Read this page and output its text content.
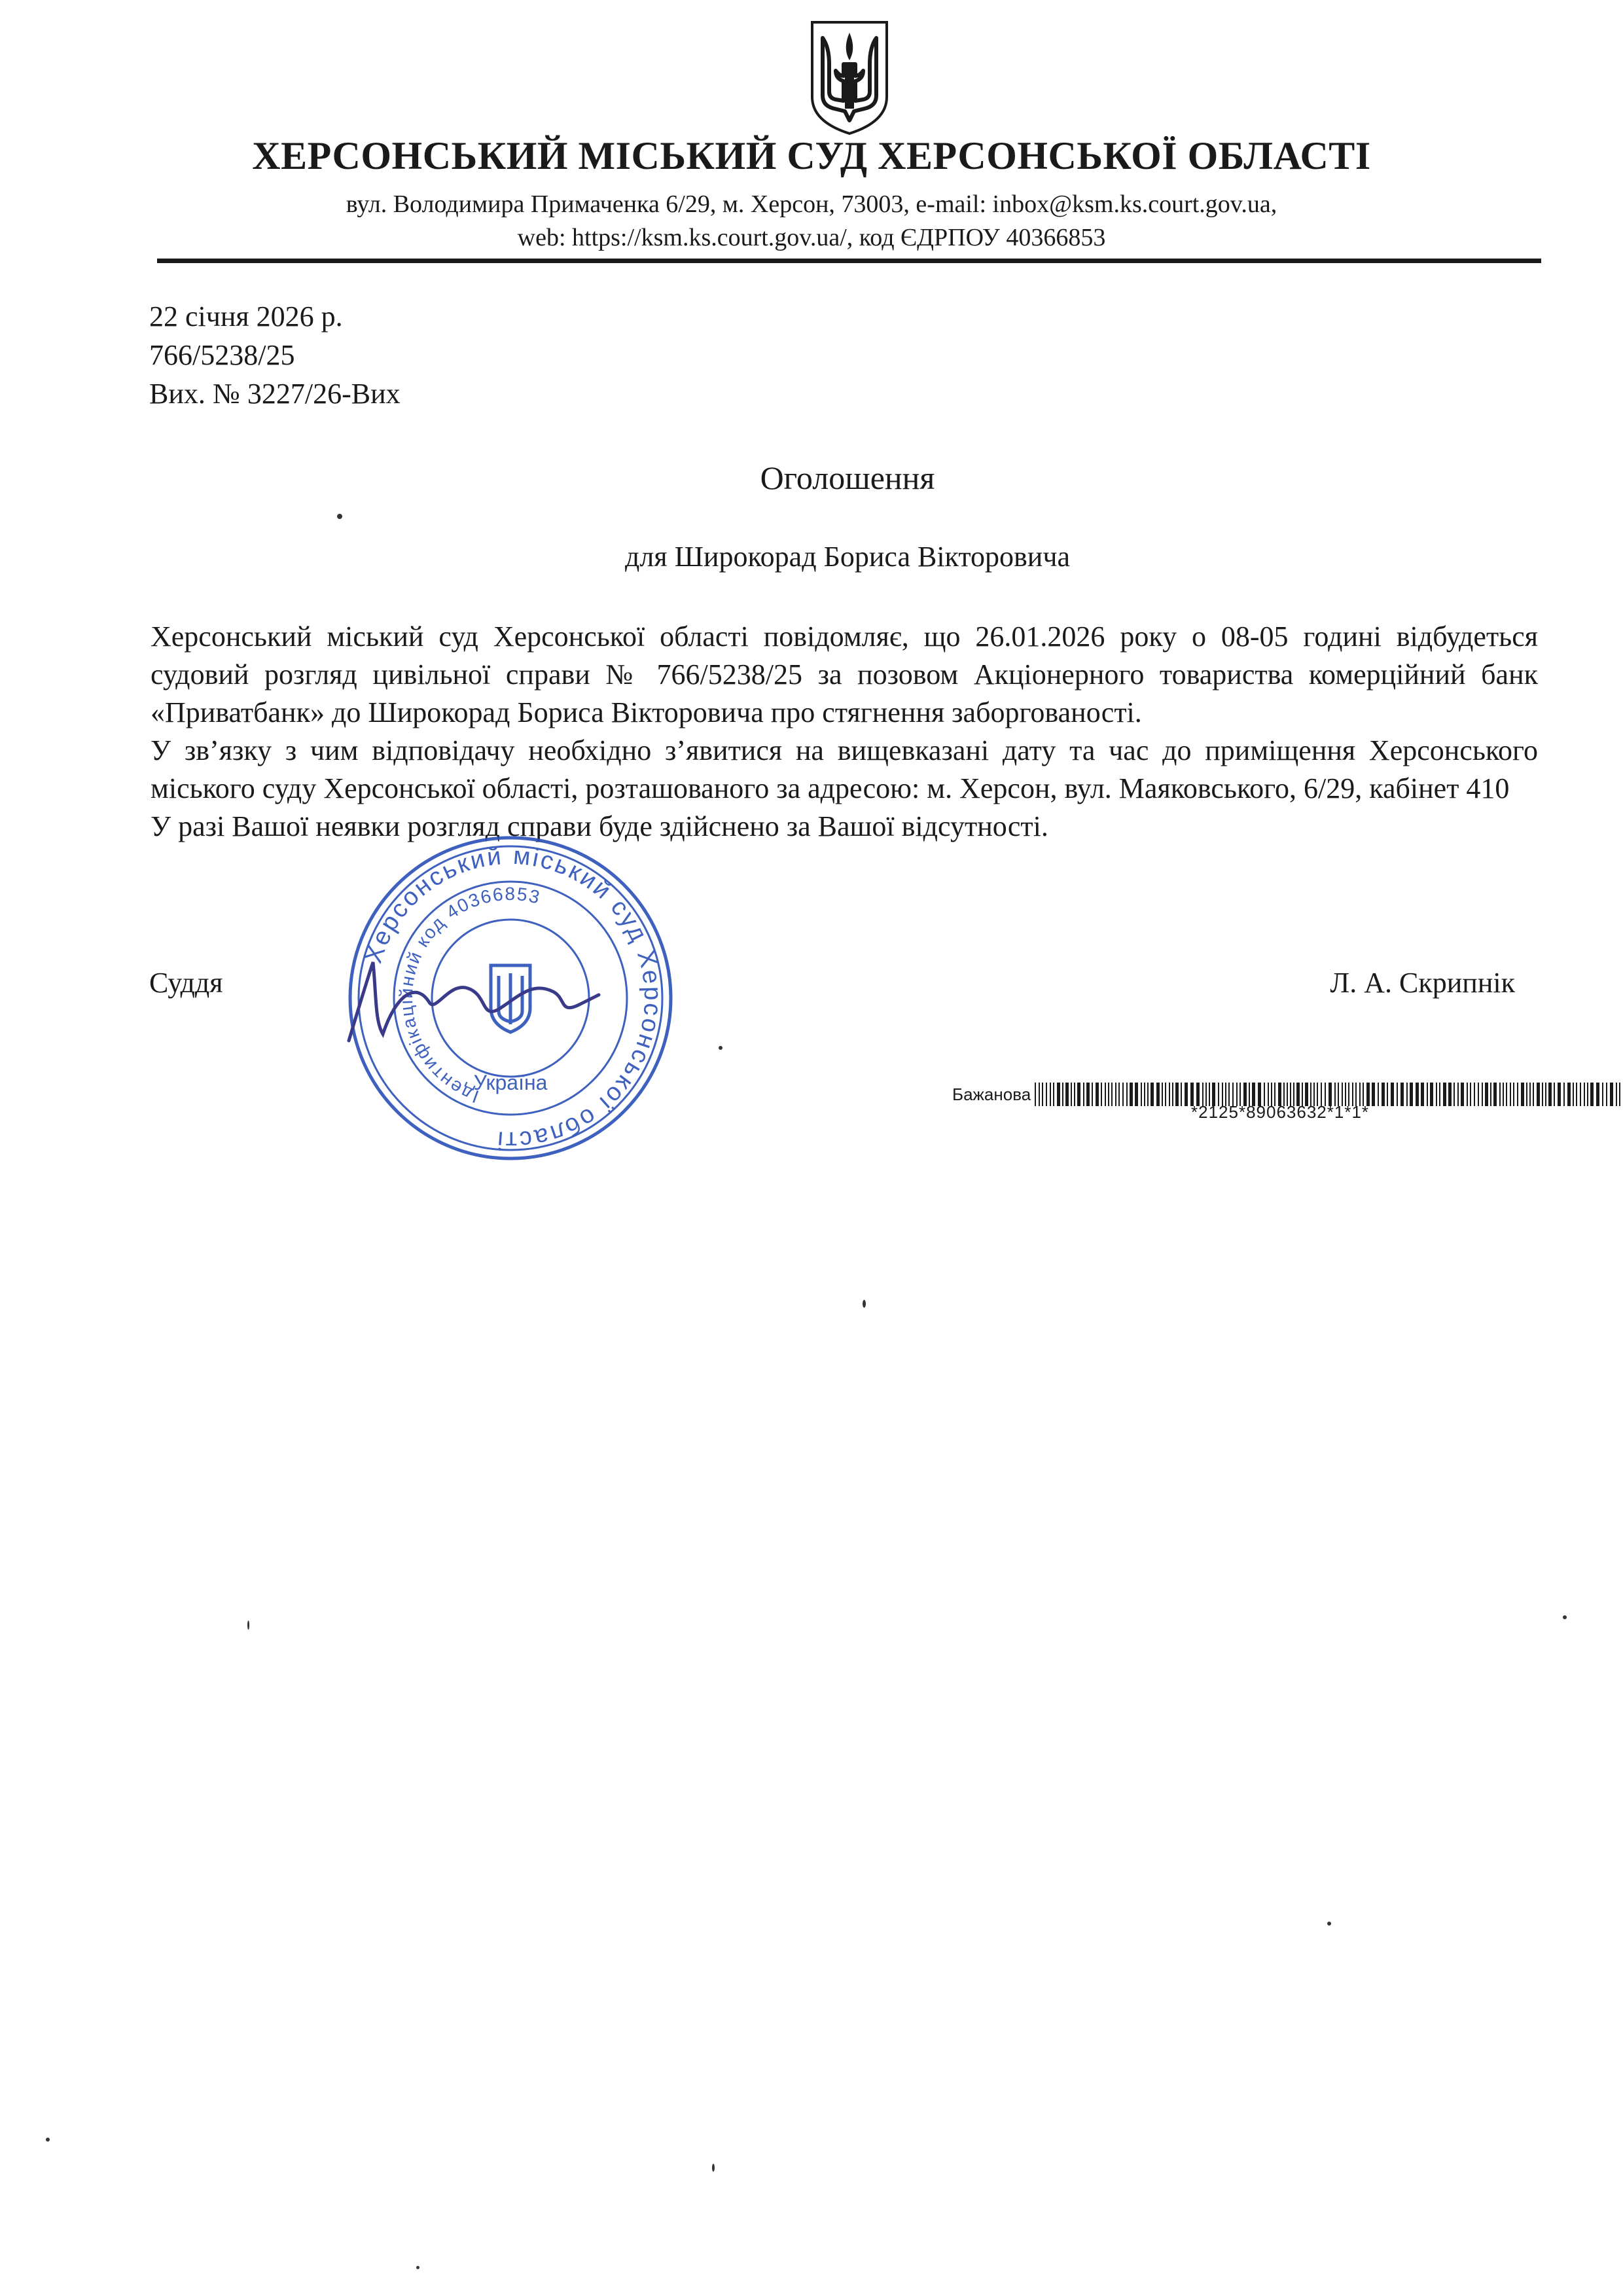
ХЕРСОНСЬКИЙ МІСЬКИЙ СУД ХЕРСОНСЬКОЇ ОБЛАСТІ
вул. Володимира Примаченка 6/29, м. Херсон, 73003, e-mail: inbox@ksm.ks.court.gov.ua,
web: https://ksm.ks.court.gov.ua/, код ЄДРПОУ 40366853
22 січня 2026 р.
766/5238/25
Вих. № 3227/26-Вих
Оголошення
для Широкорад Бориса Вікторовича

Херсонський міський суд Херсонської області повідомляє, що 26.01.2026 року о 08-05 годині відбудеться судовий розгляд цивільної справи № 766/5238/25 за позовом Акціонерного товариства комерційний банк «Приватбанк» до Широкорад Бориса Вікторовича про стягнення заборгованості.

У зв’язку з чим відповідачу необхідно з’явитися на вищевказані дату та час до приміщення Херсонського міського суду Херсонської області, розташованого за адресою: м. Херсон, вул. Маяковського, 6/29, кабінет 410

У разі Вашої неявки розгляд справи буде здійснено за Вашої відсутності.

Суддя	Л. А. Скрипнік
Херсонський міський суд Херсонської області
Ідентифікаційний код 40366853
Україна	Бажанова
*2125*89063632*1*1*
